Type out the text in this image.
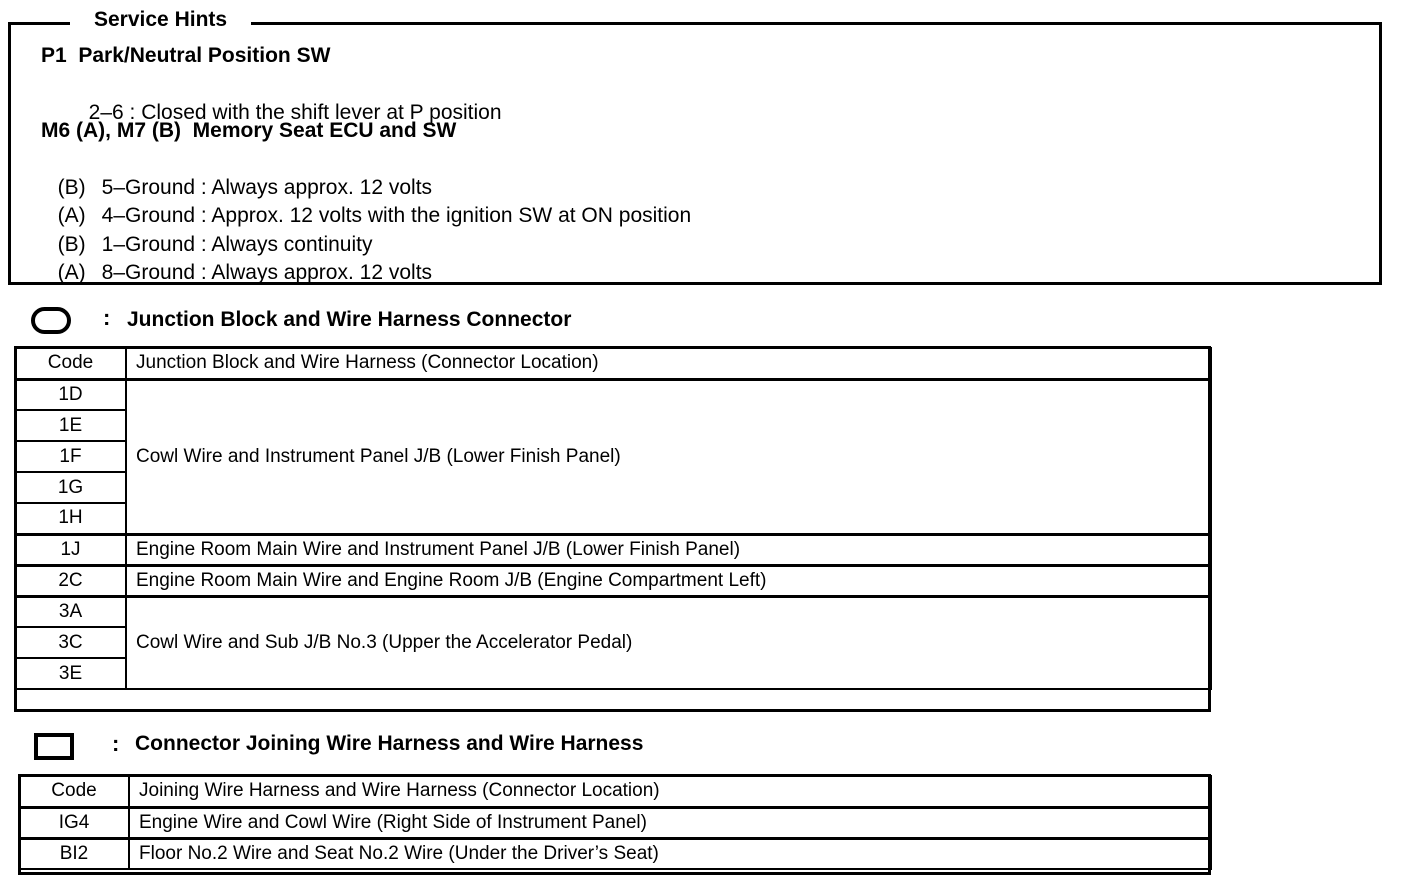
Service Hints
P1  Park/Neutral Position SW

2–6 : Closed with the shift lever at P position

M6 (A), M7 (B)  Memory Seat ECU and SW

(B) 5–Ground : Always approx. 12 volts

(A) 4–Ground : Approx. 12 volts with the ignition SW at ON position

(B) 1–Ground : Always continuity

(A) 8–Ground : Always approx. 12 volts

: Junction Block and Wire Harness Connector
Code	Junction Block and Wire Harness (Connector Location)
1D	Cowl Wire and Instrument Panel J/B (Lower Finish Panel)
1E	
1F	
1G	
1H	
1J	Engine Room Main Wire and Instrument Panel J/B (Lower Finish Panel)
2C	Engine Room Main Wire and Engine Room J/B (Engine Compartment Left)
3A	Cowl Wire and Sub J/B No.3 (Upper the Accelerator Pedal)
3C	
3E	
: Connector Joining Wire Harness and Wire Harness
Code	Joining Wire Harness and Wire Harness (Connector Location)
IG4	Engine Wire and Cowl Wire (Right Side of Instrument Panel)
BI2	Floor No.2 Wire and Seat No.2 Wire (Under the Driver’s Seat)
